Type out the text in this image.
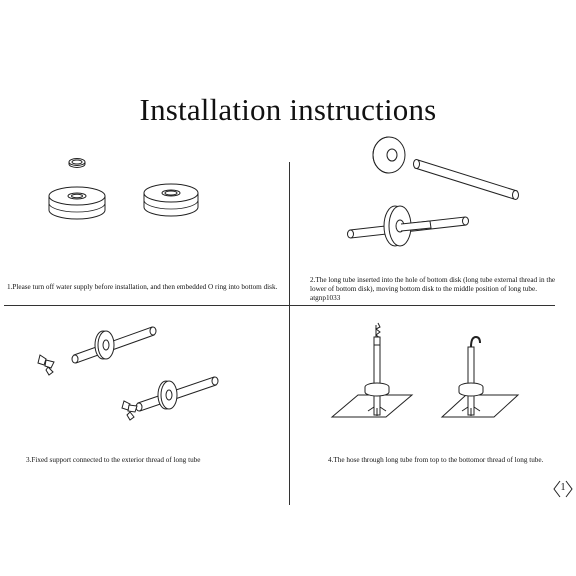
Installation instructions
1.Please turn off water supply before installation, and then embedded O ring into bottom disk.
2.The long tube inserted into the hole of bottom disk (long tube external thread in the lower of bottom disk), moving bottom disk to the middle position of long tube. atgnp1033
3.Fixed support connected to the exterior thread of long tube	4.The hose through long tube from top to the bottomor thread of long tube.
1
